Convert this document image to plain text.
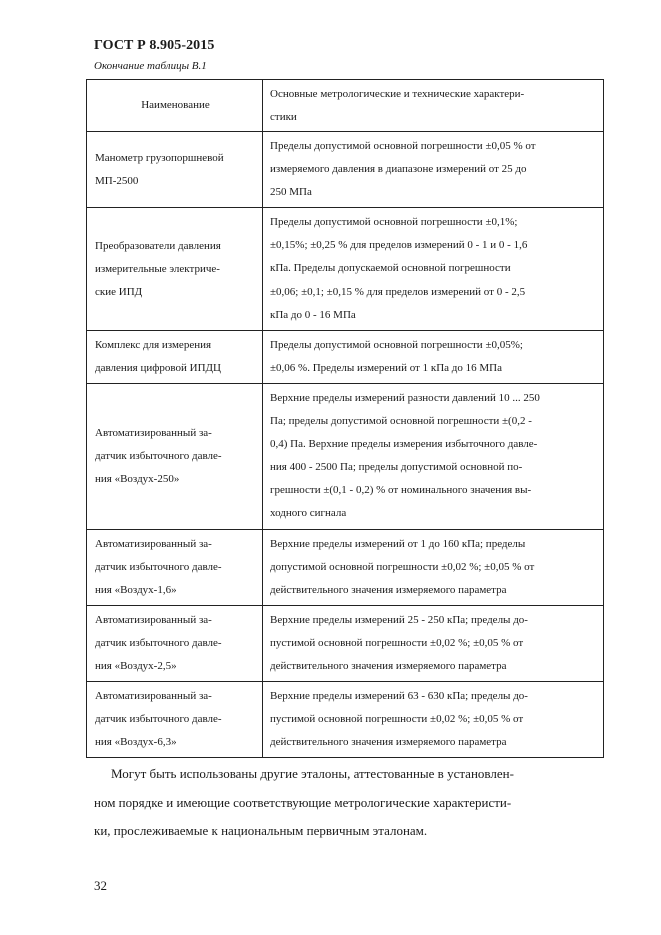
ГОСТ Р 8.905-2015
Окончание таблицы В.1
Наименование
Основные метрологические и технические характери-
стики
Манометр грузопоршневой
МП-2500
Пределы допустимой основной погрешности ±0,05 % от
измеряемого давления в диапазоне измерений от 25 до
250 МПа
Преобразователи давления
измерительные электриче-
ские ИПД
Пределы допустимой основной погрешности ±0,1%;
±0,15%; ±0,25 % для пределов измерений 0 - 1 и 0 - 1,6
кПа. Пределы допускаемой основной погрешности
±0,06; ±0,1; ±0,15 % для пределов измерений от 0 - 2,5
кПа до 0 - 16 МПа
Комплекс для измерения
давления цифровой ИПДЦ
Пределы допустимой основной погрешности ±0,05%;
±0,06 %. Пределы измерений от 1 кПа до 16 МПа
Автоматизированный за-
датчик избыточного давле-
ния «Воздух-250»
Верхние пределы измерений разности давлений 10 ... 250
Па; пределы допустимой основной погрешности ±(0,2 -
0,4) Па. Верхние пределы измерения избыточного давле-
ния 400 - 2500 Па; пределы допустимой основной по-
грешности ±(0,1 - 0,2) % от номинального значения вы-
ходного сигнала
Автоматизированный за-
датчик избыточного давле-
ния «Воздух-1,6»
Верхние пределы измерений от 1 до 160 кПа; пределы
допустимой основной погрешности ±0,02 %; ±0,05 % от
действительного значения измеряемого параметра
Автоматизированный за-
датчик избыточного давле-
ния «Воздух-2,5»
Верхние пределы измерений 25 - 250 кПа; пределы до-
пустимой основной погрешности ±0,02 %; ±0,05 % от
действительного значения измеряемого параметра
Автоматизированный за-
датчик избыточного давле-
ния «Воздух-6,3»
Верхние пределы измерений 63 - 630 кПа; пределы до-
пустимой основной погрешности ±0,02 %; ±0,05 % от
действительного значения измеряемого параметра
Могут быть использованы другие эталоны, аттестованные в установлен-
ном порядке и имеющие соответствующие метрологические характеристи-
ки, прослеживаемые к национальным первичным эталонам.
32
